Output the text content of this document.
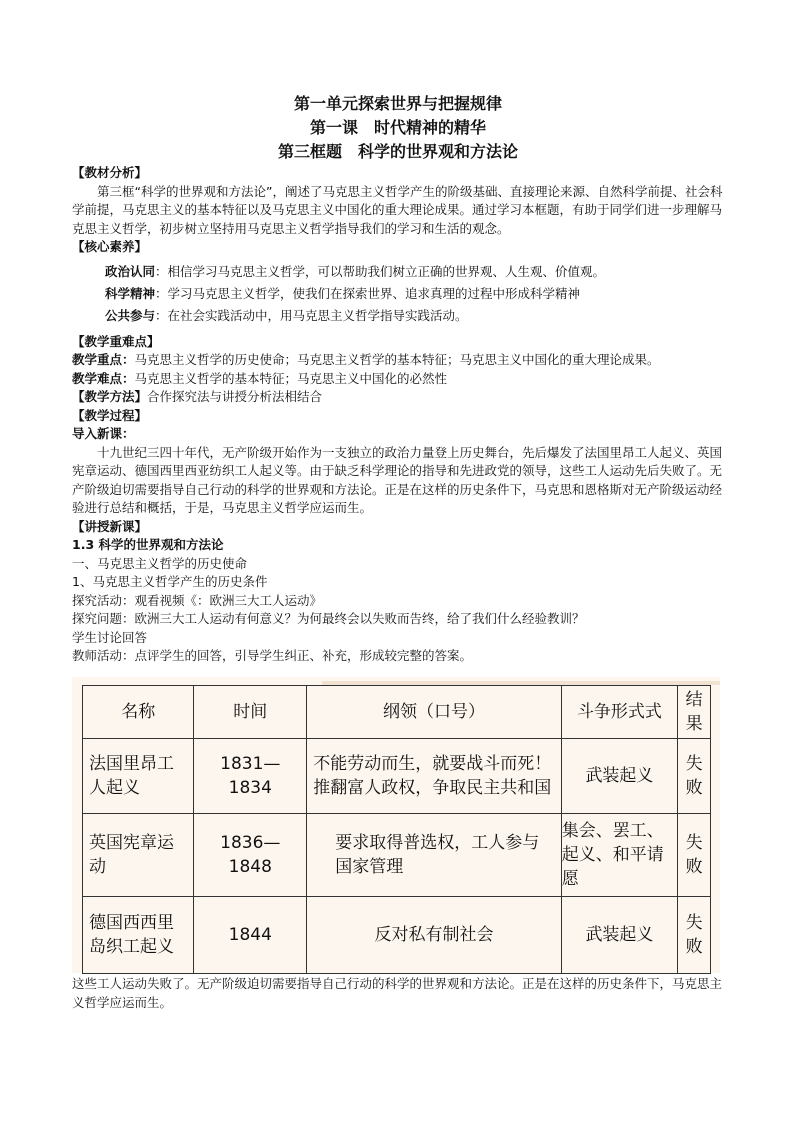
第一单元探索世界与把握规律
第一课　时代精神的精华
第三框题　科学的世界观和方法论
【教材分析】
第三框“科学的世界观和方法论”，阐述了马克思主义哲学产生的阶级基础、直接理论来源、自然科学前提、社会科学前提，马克思主义的基本特征以及马克思主义中国化的重大理论成果。通过学习本框题，有助于同学们进一步理解马克思主义哲学，初步树立坚持用马克思主义哲学指导我们的学习和生活的观念。
【核心素养】
政治认同：相信学习马克思主义哲学，可以帮助我们树立正确的世界观、人生观、价值观。
科学精神：学习马克思主义哲学，使我们在探索世界、追求真理的过程中形成科学精神
公共参与：在社会实践活动中，用马克思主义哲学指导实践活动。
【教学重难点】
教学重点：马克思主义哲学的历史使命；马克思主义哲学的基本特征；马克思主义中国化的重大理论成果。
教学难点：马克思主义哲学的基本特征；马克思主义中国化的必然性
【教学方法】合作探究法与讲授分析法相结合
【教学过程】
导入新课：
十九世纪三四十年代，无产阶级开始作为一支独立的政治力量登上历史舞台，先后爆发了法国里昂工人起义、英国宪章运动、德国西里西亚纺织工人起义等。由于缺乏科学理论的指导和先进政党的领导，这些工人运动先后失败了。无产阶级迫切需要指导自己行动的科学的世界观和方法论。正是在这样的历史条件下，马克思和恩格斯对无产阶级运动经验进行总结和概括，于是，马克思主义哲学应运而生。
【讲授新课】
1.3 科学的世界观和方法论
一、马克思主义哲学的历史使命
1、马克思主义哲学产生的历史条件
探究活动：观看视频《：欧洲三大工人运动》
探究问题：欧洲三大工人运动有何意义？为何最终会以失败而告终，给了我们什么经验教训？
学生讨论回答
教师活动：点评学生的回答，引导学生纠正、补充，形成较完整的答案。
名称	时间	纲领（口号）	斗争形式式	结果
法国里昂工人起义	1831—1834	不能劳动而生，就要战斗而死！推翻富人政权，争取民主共和国	武装起义	失败
英国宪章运动	1836—1848	要求取得普选权，工人参与国家管理	集会、罢工、起义、和平请愿	失败
德国西西里岛织工起义	1844	反对私有制社会	武装起义	失败
这些工人运动失败了。无产阶级迫切需要指导自己行动的科学的世界观和方法论。正是在这样的历史条件下，马克思主义哲学应运而生。
